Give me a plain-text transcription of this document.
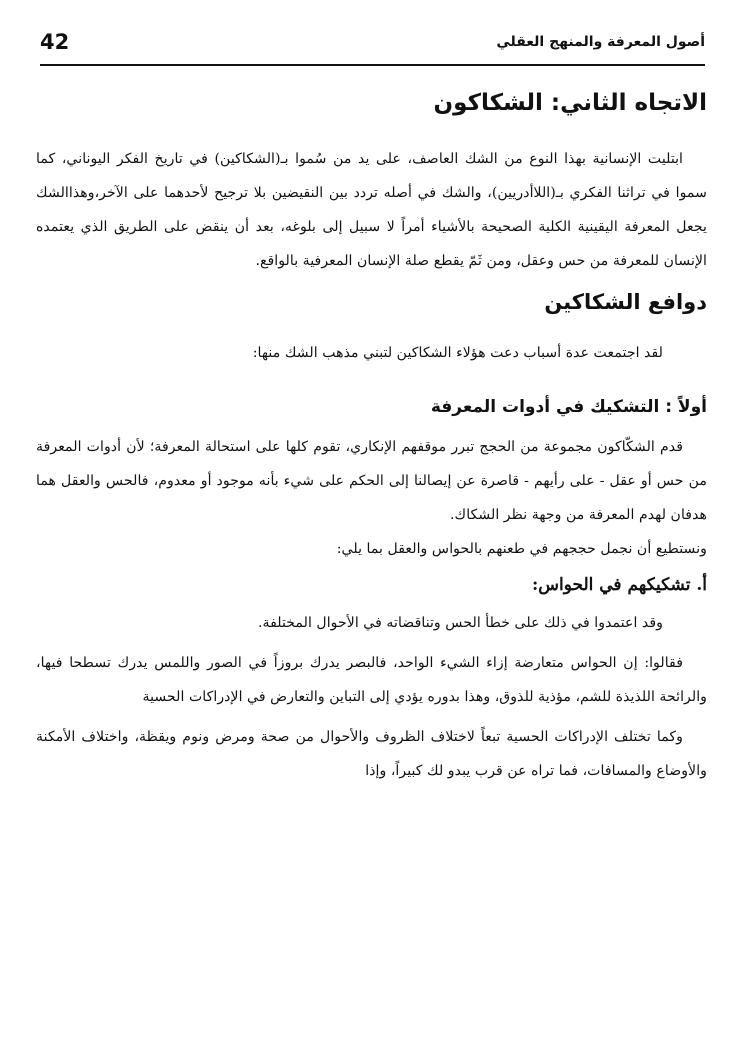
42	أصول المعرفة والمنهج العقلي
الاتجاه الثاني: الشكاكون

ابتليت الإنسانية بهذا النوع من الشك العاصف، على يد من سُموا بـ(الشكاكين) في تاريخ الفكر اليوناني، كما سموا في تراثنا الفكري بـ(اللاأدريين)، والشك في أصله تردد بين النقيضين بلا ترجيح لأحدهما على الآخر،وهذاالشك يجعل المعرفة اليقينية الكلية الصحيحة بالأشياء أمراً لا سبيل إلى بلوغه، بعد أن ينقض على الطريق الذي يعتمده الإنسان للمعرفة من حس وعقل، ومن ثَمّ يقطع صلة الإنسان المعرفية بالواقع.

دوافع الشكاكين

لقد اجتمعت عدة أسباب دعت هؤلاء الشكاكين لتبني مذهب الشك منها:

أولاً : التشكيك في أدوات المعرفة

قدم الشكّاكون مجموعة من الحجج تبرر موقفهم الإنكاري، تقوم كلها على استحالة المعرفة؛ لأن أدوات المعرفة من حس أو عقل - على رأيهم - قاصرة عن إيصالنا إلى الحكم على شيء بأنه موجود أو معدوم، فالحس والعقل هما هدفان لهدم المعرفة من وجهة نظر الشكاك.

ونستطيع أن نجمل حججهم في طعنهم بالحواس والعقل بما يلي:

أ. تشكيكهم في الحواس:

وقد اعتمدوا في ذلك على خطأ الحس وتناقضاته في الأحوال المختلفة.

فقالوا: إن الحواس متعارضة إزاء الشيء الواحد، فالبصر يدرك بروزاً في الصور واللمس يدرك تسطحا فيها، والرائحة اللذيذة للشم، مؤذية للذوق، وهذا بدوره يؤدي إلى التباين والتعارض في الإدراكات الحسية

وكما تختلف الإدراكات الحسية تبعاً لاختلاف الظروف والأحوال من صحة ومرض ونوم ويقظة، واختلاف الأمكنة والأوضاع والمسافات، فما تراه عن قرب يبدو لك كبيراً، وإذا
